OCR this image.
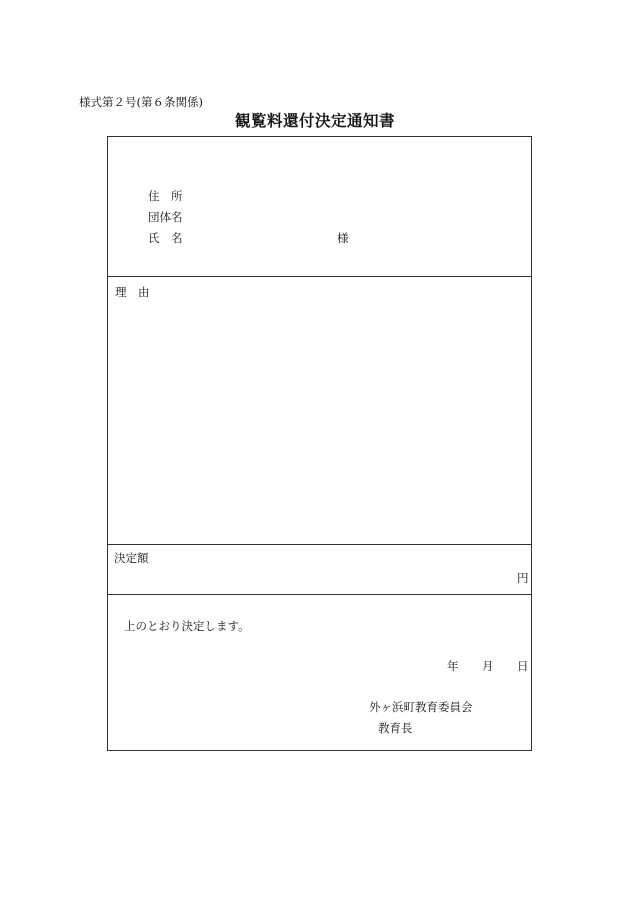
様式第２号(第６条関係)
観覧料還付決定通知書
住　所
団体名
氏　名	様
理　由
決定額
円
上のとおり決定します。
年 月 日
外ヶ浜町教育委員会
教育長
